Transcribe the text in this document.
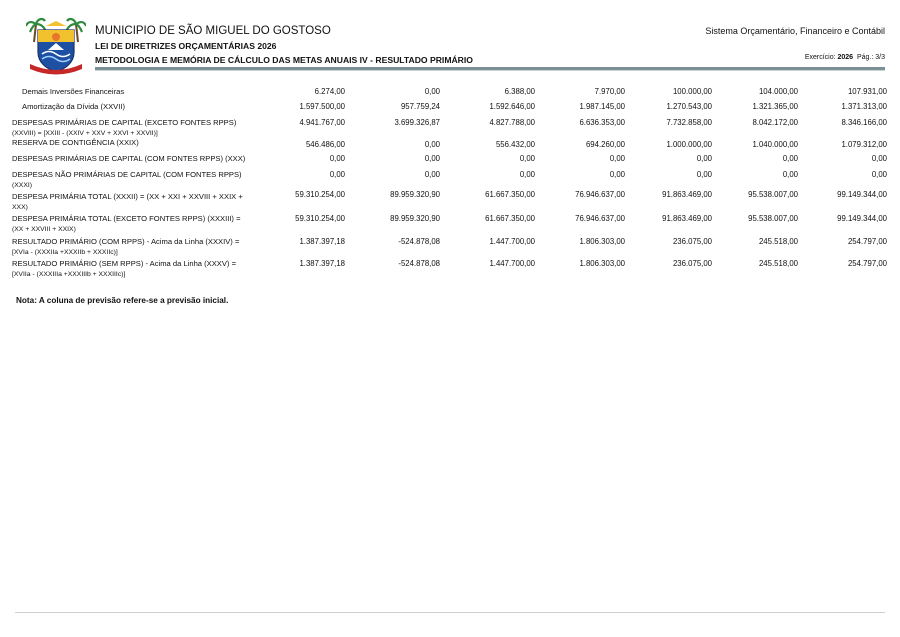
MUNICIPIO DE SÃO MIGUEL DO GOSTOSO
LEI DE DIRETRIZES ORÇAMENTÁRIAS 2026
METODOLOGIA E MEMÓRIA DE CÁLCULO DAS METAS ANUAIS IV - RESULTADO PRIMÁRIO
Sistema Orçamentário, Financeiro e Contábil
Exercício: 2026 Pág.: 3/3
Demais Inversões Financeiras	6.274,00	0,00	6.388,00	7.970,00	100.000,00	104.000,00	107.931,00
Amortização da Dívida (XXVII)	1.597.500,00	957.759,24	1.592.646,00	1.987.145,00	1.270.543,00	1.321.365,00	1.371.313,00
DESPESAS PRIMÁRIAS DE CAPITAL (EXCETO FONTES RPPS)
(XXVIII) = [XXIII - (XXIV + XXV + XXVI + XXVII)]
4.941.767,00	3.699.326,87	4.827.788,00	6.636.353,00	7.732.858,00	8.042.172,00	8.346.166,00
RESERVA DE CONTIGÊNCIA (XXIX)	546.486,00	0,00	556.432,00	694.260,00	1.000.000,00	1.040.000,00	1.079.312,00
DESPESAS PRIMÁRIAS DE CAPITAL (COM FONTES RPPS) (XXX)	0,00	0,00	0,00	0,00	0,00	0,00	0,00
DESPESAS NÃO PRIMÁRIAS DE CAPITAL (COM FONTES RPPS)
(XXXI)
0,00	0,00	0,00	0,00	0,00	0,00	0,00
DESPESA PRIMÁRIA TOTAL (XXXII) = (XX + XXI + XXVIII + XXIX +
XXX)
59.310.254,00	89.959.320,90	61.667.350,00	76.946.637,00	91.863.469,00	95.538.007,00	99.149.344,00
DESPESA PRIMÁRIA TOTAL (EXCETO FONTES RPPS) (XXXIII) =
(XX + XXVIII + XXIX)
59.310.254,00	89.959.320,90	61.667.350,00	76.946.637,00	91.863.469,00	95.538.007,00	99.149.344,00
RESULTADO PRIMÁRIO (COM RPPS) - Acima da Linha (XXXIV) =
[XVIa - (XXXIIa +XXXIIb + XXXIIc)]
1.387.397,18	-524.878,08	1.447.700,00	1.806.303,00	236.075,00	245.518,00	254.797,00
RESULTADO PRIMÁRIO (SEM RPPS) - Acima da Linha (XXXV) =
[XVIIa - (XXXIIIa +XXXIIIb + XXXIIIc)]
1.387.397,18	-524.878,08	1.447.700,00	1.806.303,00	236.075,00	245.518,00	254.797,00
Nota: A coluna de previsão refere-se a previsão inicial.
